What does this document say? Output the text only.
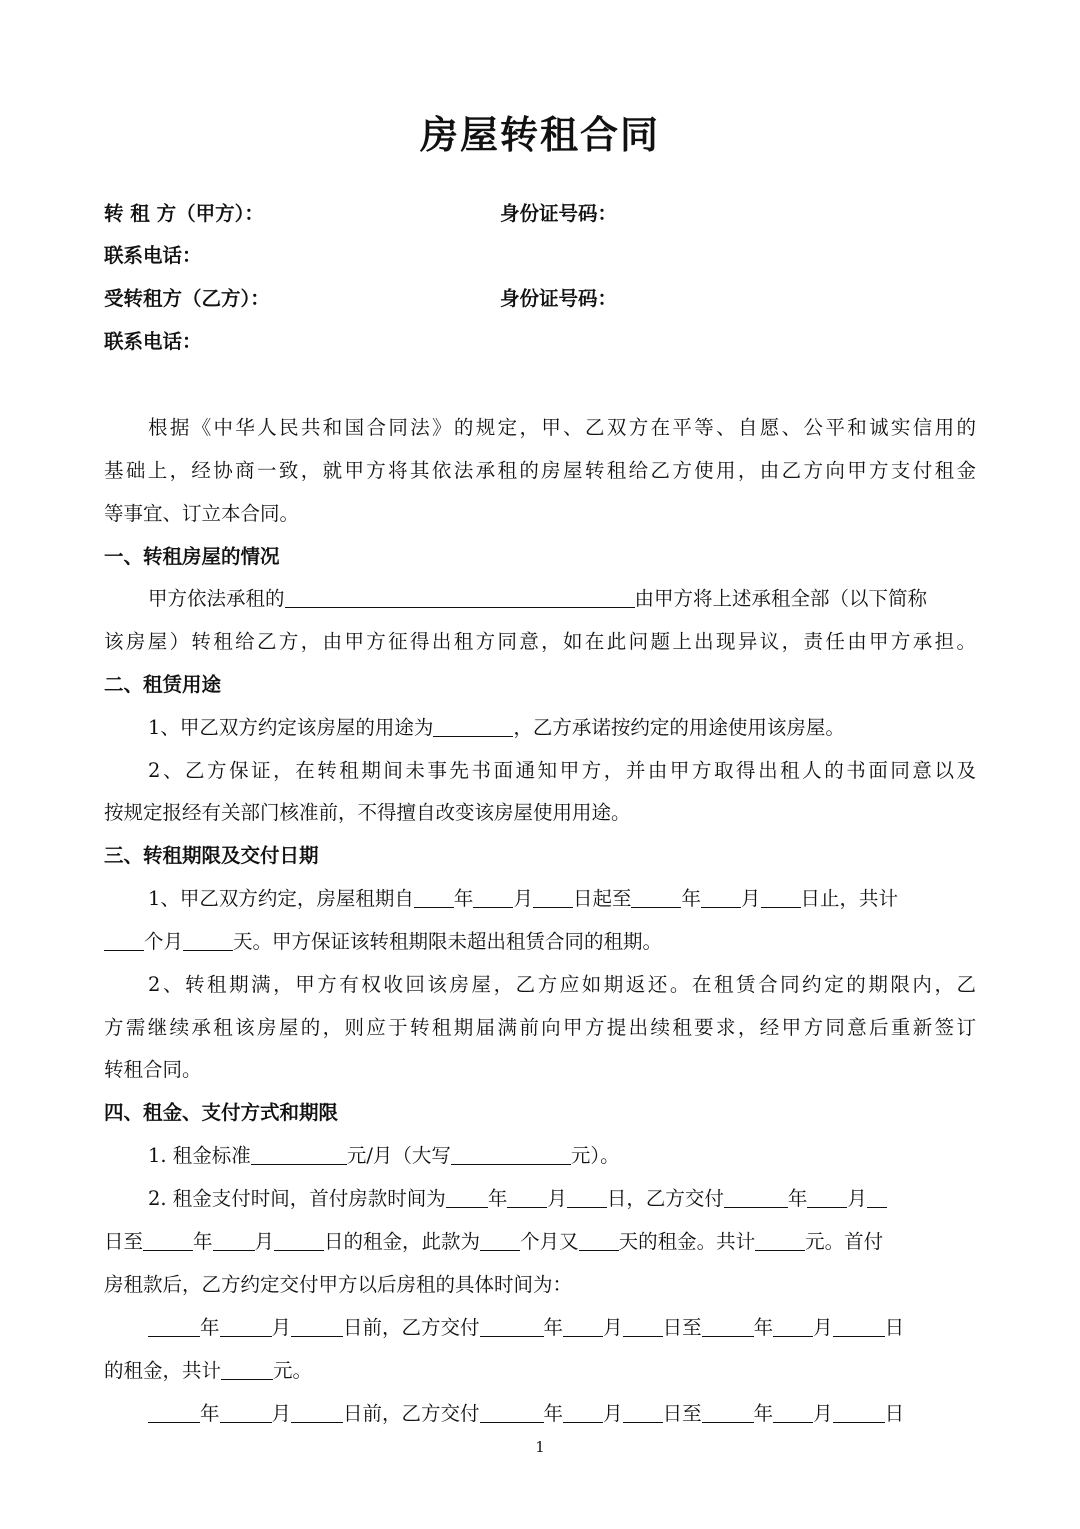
房屋转租合同
转 租 方（甲方）：	身份证号码：
联系电话：
受转租方（乙方）：	身份证号码：
联系电话：
根据《中华人民共和国合同法》的规定，甲、乙双方在平等、自愿、公平和诚实信用的
基础上，经协商一致，就甲方将其依法承租的房屋转租给乙方使用，由乙方向甲方支付租金
等事宜、订立本合同。
一、转租房屋的情况
甲方依法承租的	由甲方将上述承租全部（以下简称
该房屋）转租给乙方，由甲方征得出租方同意，如在此问题上出现异议，责任由甲方承担。
二、租赁用途
1、甲乙双方约定该房屋的用途为	，乙方承诺按约定的用途使用该房屋。
2、乙方保证，在转租期间未事先书面通知甲方，并由甲方取得出租人的书面同意以及
按规定报经有关部门核准前，不得擅自改变该房屋使用用途。
三、转租期限及交付日期
1、甲乙双方约定，房屋租期自 年 月 日起至	年 月 日止，共计
个月	天。甲方保证该转租期限未超出租赁合同的租期。
2、转租期满，甲方有权收回该房屋，乙方应如期返还。在租赁合同约定的期限内，乙
方需继续承租该房屋的，则应于转租期届满前向甲方提出续租要求，经甲方同意后重新签订
转租合同。
四、租金、支付方式和期限
1. 租金标准	元/月（大写	元）。
2. 租金支付时间，首付房款时间为 年 月 日，乙方交付	年 月
日至	年 月	日的租金，此款为 个月又 天的租金。共计	元。首付
房租款后，乙方约定交付甲方以后房租的具体时间为：
年	月	日前，乙方交付	年 月 日至	年 月	日
的租金，共计	元。
年	月	日前，乙方交付	年 月 日至	年 月	日
1
